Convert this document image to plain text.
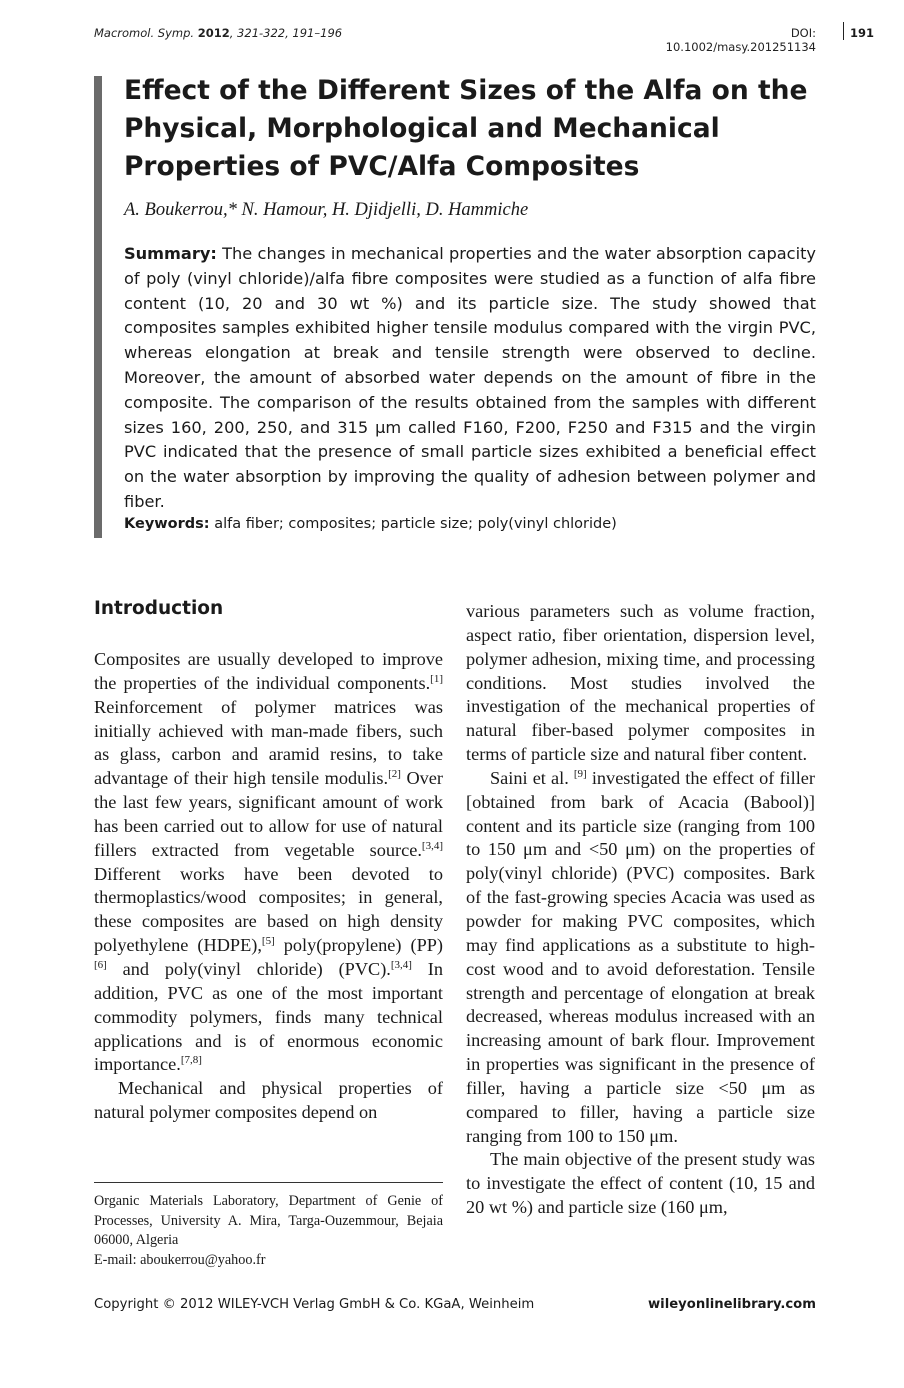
Macromol. Symp. 2012, 321-322, 191–196	DOI: 10.1002/masy.201251134
191
Effect of the Different Sizes of the Alfa on the Physical, Morphological and Mechanical Properties of PVC/Alfa Composites
A. Boukerrou,* N. Hamour, H. Djidjelli, D. Hammiche
Summary: The changes in mechanical properties and the water absorption capacity of poly (vinyl chloride)/alfa fibre composites were studied as a function of alfa fibre content (10, 20 and 30 wt %) and its particle size. The study showed that composites samples exhibited higher tensile modulus compared with the virgin PVC, whereas elongation at break and tensile strength were observed to decline. Moreover, the amount of absorbed water depends on the amount of fibre in the composite. The comparison of the results obtained from the samples with different sizes 160, 200, 250, and 315 μm called F160, F200, F250 and F315 and the virgin PVC indicated that the presence of small particle sizes exhibited a beneficial effect on the water absorption by improving the quality of adhesion between polymer and fiber.
Keywords: alfa fiber; composites; particle size; poly(vinyl chloride)
Introduction

Composites are usually developed to improve the properties of the individual components.[1] Reinforcement of polymer matrices was initially achieved with man-made fibers, such as glass, carbon and aramid resins, to take advantage of their high tensile modulis.[2] Over the last few years, significant amount of work has been carried out to allow for use of natural fillers extracted from vegetable source.[3,4] Different works have been devoted to thermoplastics/wood composites; in general, these composites are based on high density polyethylene (HDPE),[5] poly(propylene) (PP) [6] and poly(vinyl chloride) (PVC).[3,4] In addition, PVC as one of the most important commodity polymers, finds many technical applications and is of enormous economic importance.[7,8]

Mechanical and physical properties of natural polymer composites depend on

Organic Materials Laboratory, Department of Genie of Processes, University A. Mira, Targa-Ouzemmour, Bejaia 06000, Algeria
E-mail: aboukerrou@yahoo.fr

various parameters such as volume fraction, aspect ratio, fiber orientation, dispersion level, polymer adhesion, mixing time, and processing conditions. Most studies involved the investigation of the mechanical properties of natural fiber-based polymer composites in terms of particle size and natural fiber content.

Saini et al. [9] investigated the effect of filler [obtained from bark of Acacia (Babool)] content and its particle size (ranging from 100 to 150 μm and <50 μm) on the properties of poly(vinyl chloride) (PVC) composites. Bark of the fast-growing species Acacia was used as powder for making PVC composites, which may find applications as a substitute to high-cost wood and to avoid deforestation. Tensile strength and percentage of elongation at break decreased, whereas modulus increased with an increasing amount of bark flour. Improvement in properties was significant in the presence of filler, having a particle size <50 μm as compared to filler, having a particle size ranging from 100 to 150 μm.

The main objective of the present study was to investigate the effect of content (10, 15 and 20 wt %) and particle size (160 μm,

Copyright © 2012 WILEY-VCH Verlag GmbH & Co. KGaA, Weinheim	wileyonlinelibrary.com
